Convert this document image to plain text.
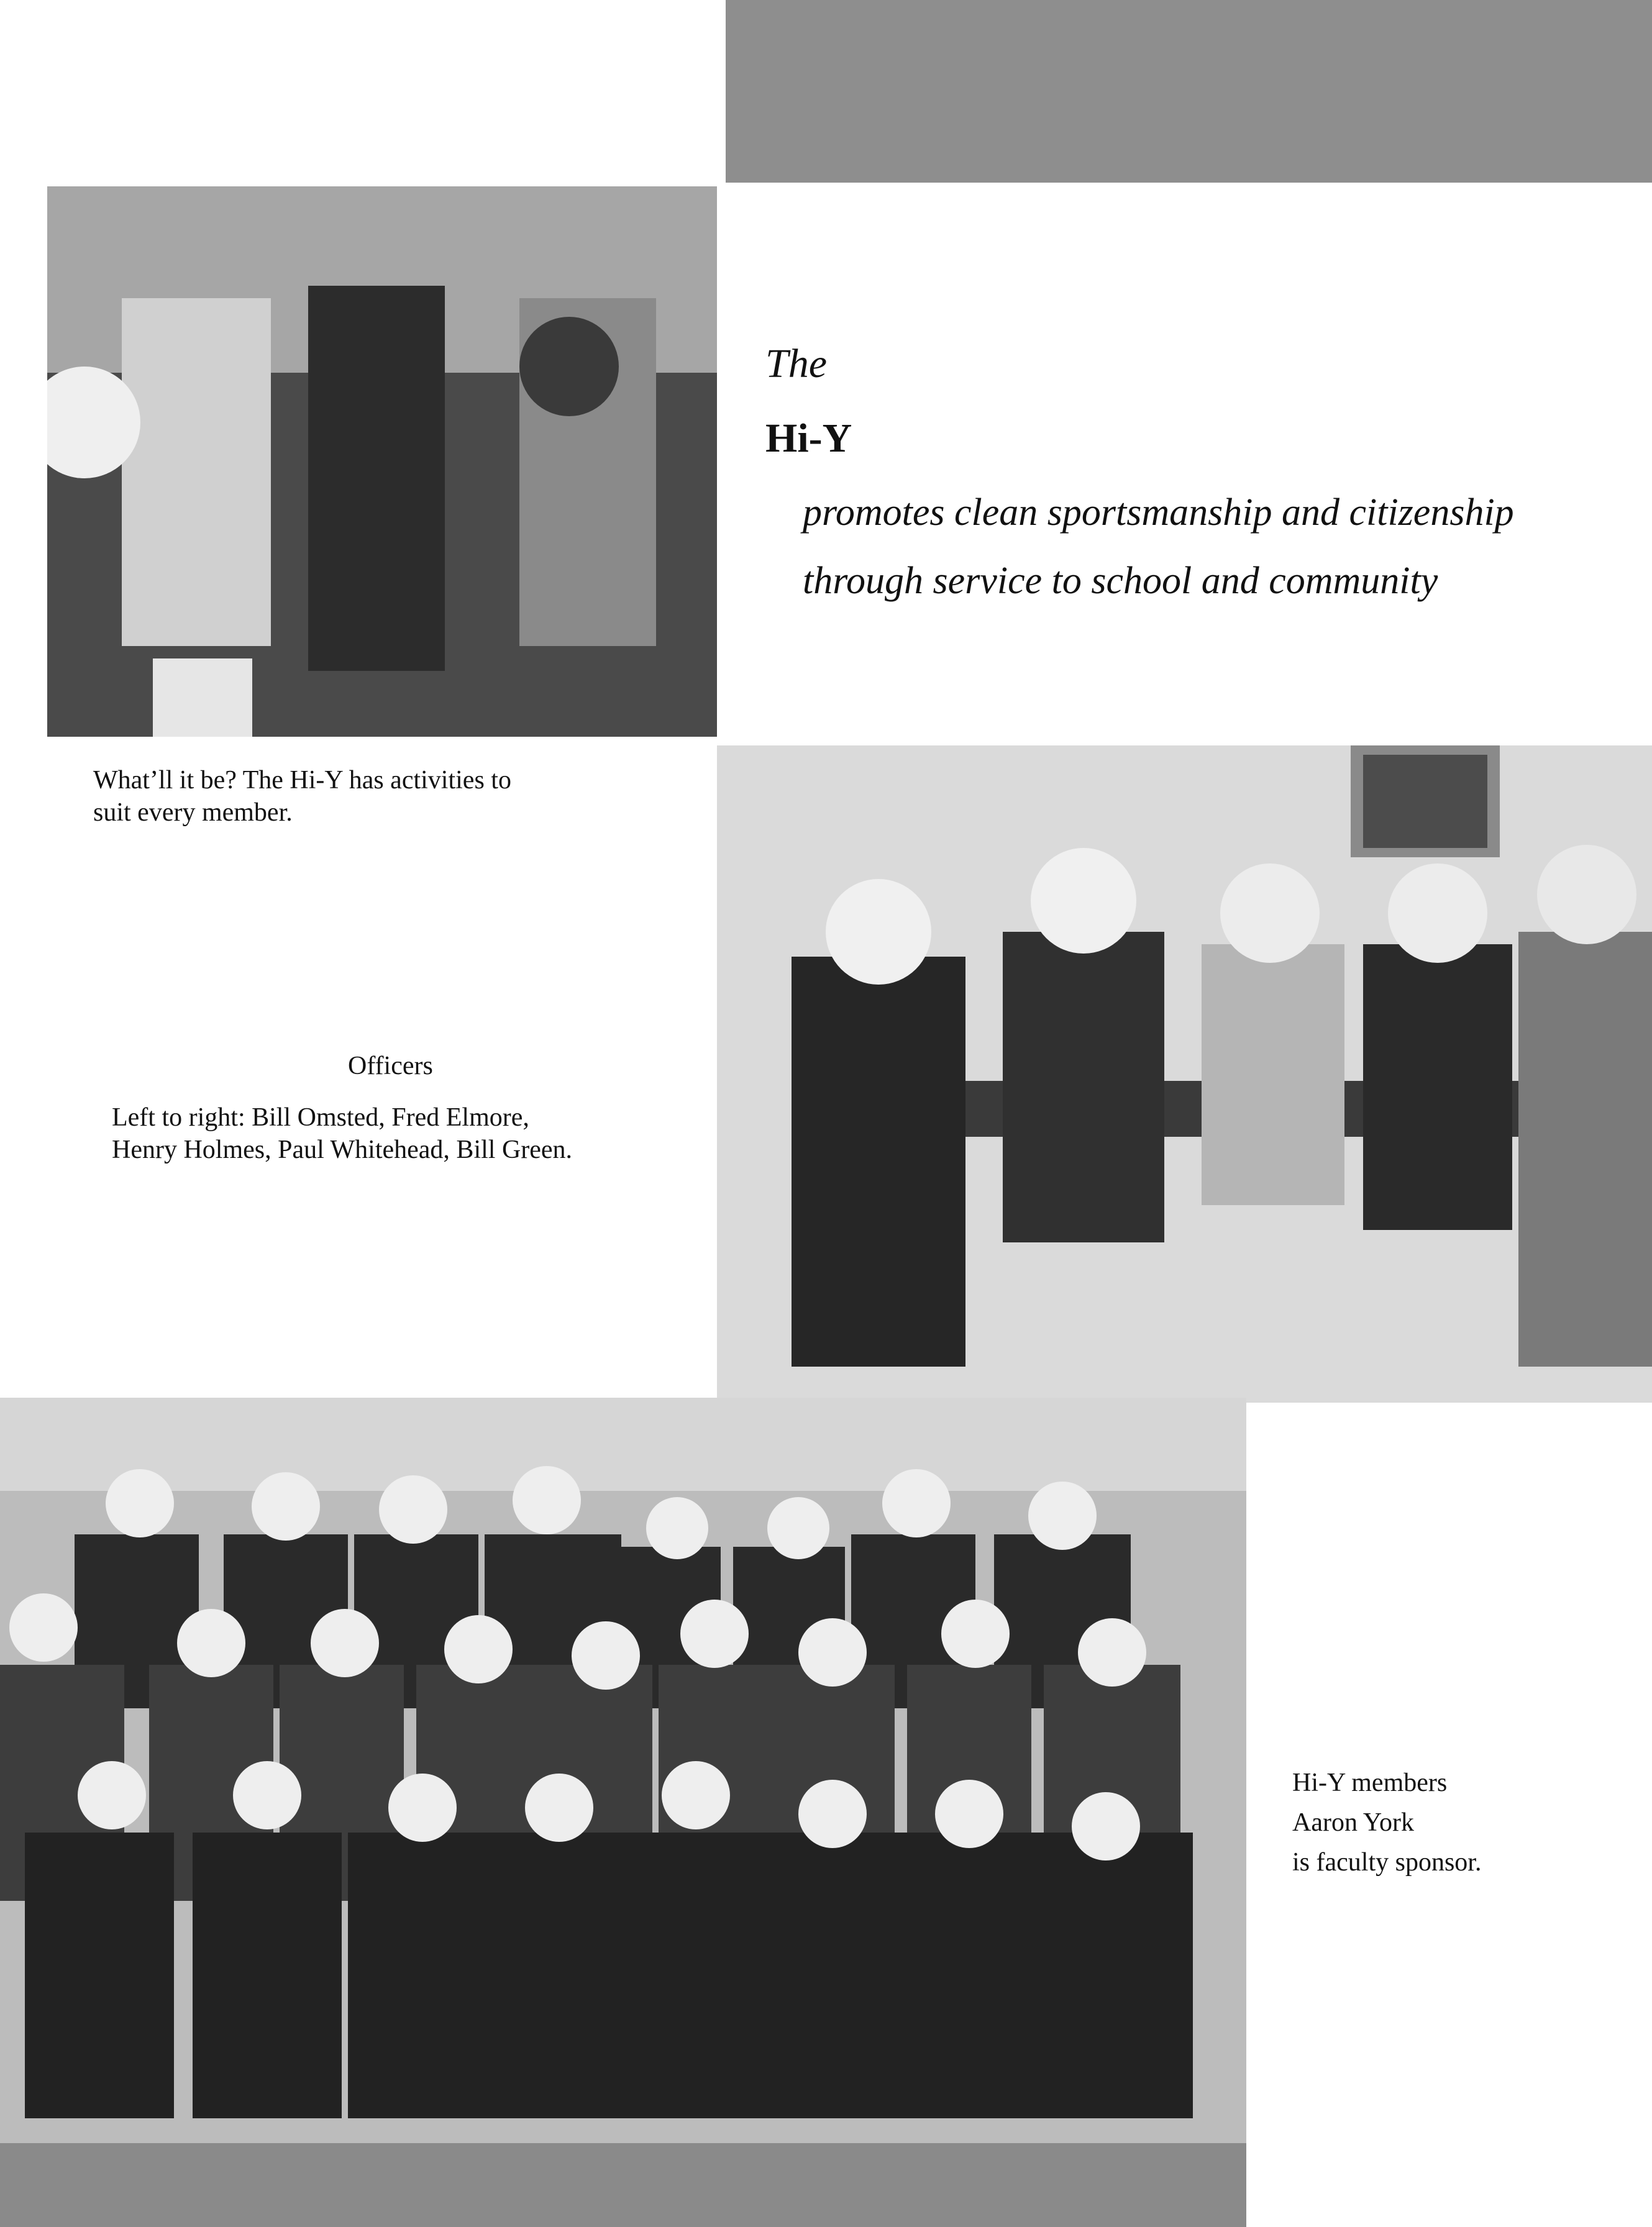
The
Hi-Y
promotes clean sportsmanship and citizenship
through service to school and community
What’ll it be? The Hi-Y has activities to
suit every member.
Officers
Left to right: Bill Omsted, Fred Elmore,
Henry Holmes, Paul Whitehead, Bill Green.
Hi-Y members
Aaron York
is faculty sponsor.
